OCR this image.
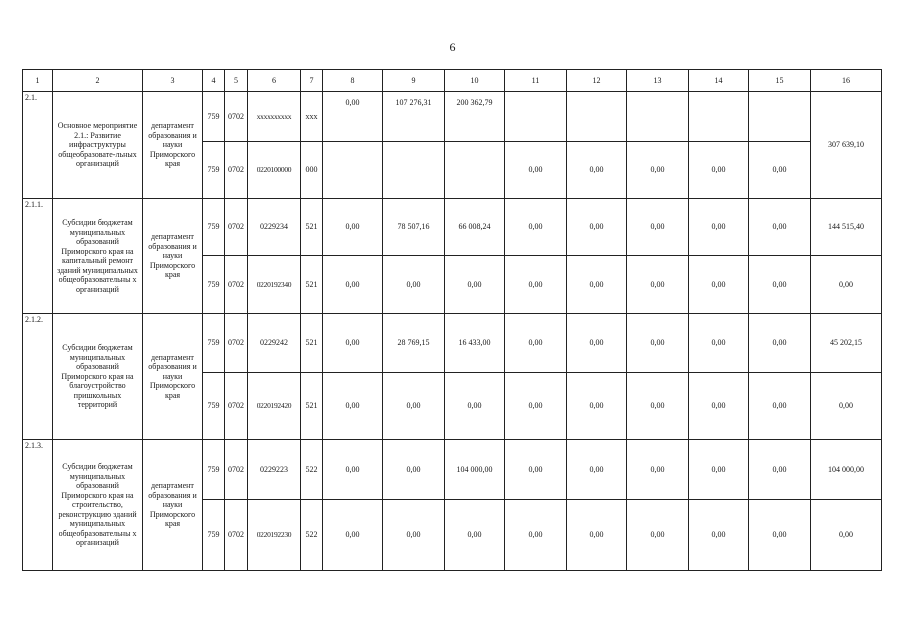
6
1	2	3	4	5	6	7	8	9	10	11	12	13	14	15	16
2.1.	Основное мероприятие 2.1.: Развитие инфраструктуры общеобразоватe-льных организаций	департамент образования и науки Приморского края	759	0702	xxxxxxxxxx	xxx	0,00	107 276,31	200 362,79						307 639,10
			759	0702	0220100000	000				0,00	0,00	0,00	0,00	0,00	
2.1.1.	Субсидии бюджетам муниципальных образований Приморского края на капитальный ремонт зданий муниципальных общеобразовательны х организаций	департамент образования и науки Приморского края	759	0702	0229234	521	0,00	78 507,16	66 008,24	0,00	0,00	0,00	0,00	0,00	144 515,40
			759	0702	0220192340	521	0,00	0,00	0,00	0,00	0,00	0,00	0,00	0,00	0,00
2.1.2.	Субсидии бюджетам муниципальных образований Приморского края на благоустройство пришкольных территорий	департамент образования и науки Приморского края	759	0702	0229242	521	0,00	28 769,15	16 433,00	0,00	0,00	0,00	0,00	0,00	45 202,15
			759	0702	0220192420	521	0,00	0,00	0,00	0,00	0,00	0,00	0,00	0,00	0,00
2.1.3.	Субсидии бюджетам муниципальных образований Приморского края на строительство, реконструкцию зданий муниципальных общеобразовательны х организаций	департамент образования и науки Приморского края	759	0702	0229223	522	0,00	0,00	104 000,00	0,00	0,00	0,00	0,00	0,00	104 000,00
			759	0702	0220192230	522	0,00	0,00	0,00	0,00	0,00	0,00	0,00	0,00	0,00
